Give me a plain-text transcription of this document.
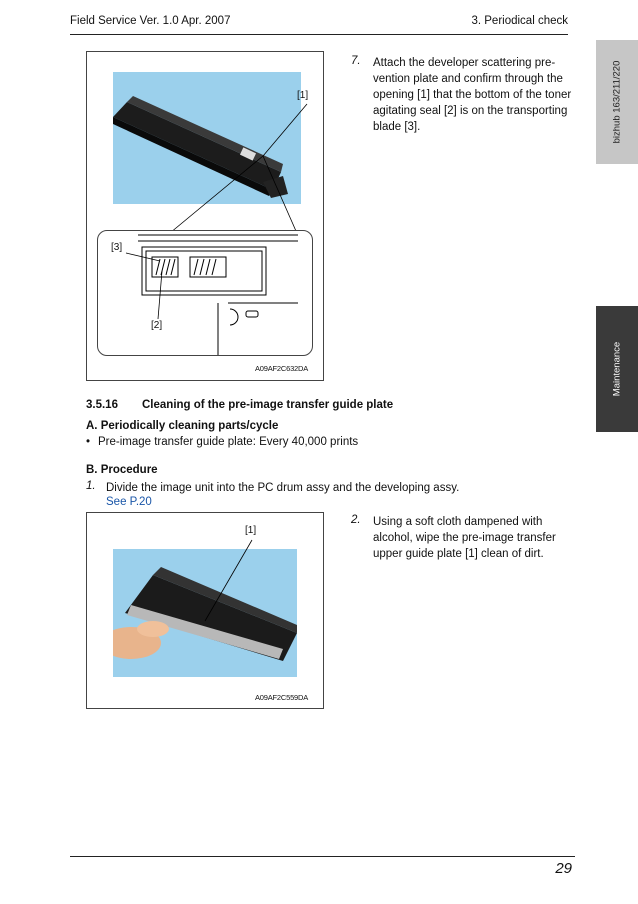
Field Service Ver. 1.0 Apr. 2007	3. Periodical check
bizhub 163/211/220
Maintenance
[1]
[3]
[2]
A09AF2C632DA
7. Attach the developer scattering pre-vention plate and confirm through the opening [1] that the bottom of the toner agitating seal [2] is on the transporting blade [3].
3.5.16 Cleaning of the pre-image transfer guide plate
A. Periodically cleaning parts/cycle
• Pre-image transfer guide plate: Every 40,000 prints
B. Procedure
1. Divide the image unit into the PC drum assy and the developing assy.
See P.20
[1]
A09AF2C559DA
2. Using a soft cloth dampened with alcohol, wipe the pre-image transfer upper guide plate [1] clean of dirt.
29
